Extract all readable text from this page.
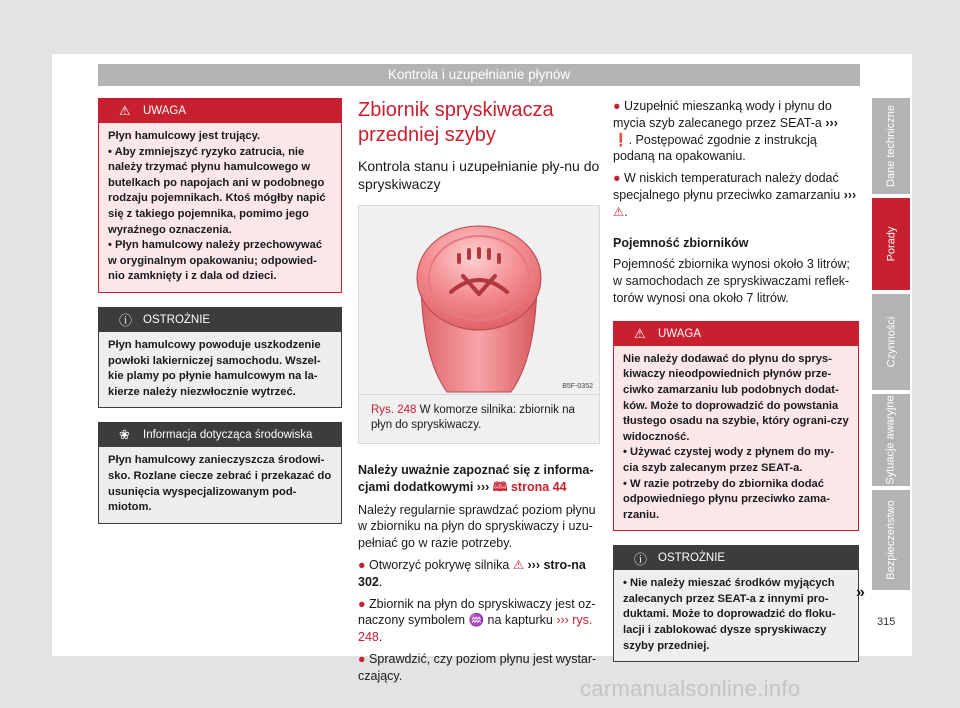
Kontrola i uzupełnianie płynów
⚠	UWAGA

Płyn hamulcowy jest trujący.

• Aby zmniejszyć ryzyko zatrucia, nie należy trzymać płynu hamulcowego w butelkach po napojach ani w podobnego rodzaju pojemnikach. Ktoś mógłby napić się z takiego pojemnika, pomimo jego wyraźnego oznaczenia.

• Płyn hamulcowy należy przechowywać w oryginalnym opakowaniu; odpowied-nio zamknięty i z dala od dzieci.

ⓘ OSTROŻNIE
Płyn hamulcowy powoduje uszkodzenie powłoki lakierniczej samochodu. Wszel-kie plamy po płynie hamulcowym na la-kierze należy niezwłocznie wytrzeć.
❀	Informacja dotycząca środowiska
Płyn hamulcowy zanieczyszcza środowi-sko. Rozlane ciecze zebrać i przekazać do usunięcia wyspecjalizowanym pod-miotom.
Zbiornik spryskiwacza przedniej szyby
Kontrola stanu i uzupełnianie pły-nu do spryskiwaczy
B5F-0352
Rys. 248 W komorze silnika: zbiornik na płyn do spryskiwaczy.

Należy uważnie zapoznać się z informa-cjami dodatkowymi ››› 🕮 strona 44

Należy regularnie sprawdzać poziom płynu w zbiorniku na płyn do spryskiwaczy i uzu-pełniać go w razie potrzeby.

● Otworzyć pokrywę silnika ⚠ ››› stro-na 302.

● Zbiornik na płyn do spryskiwaczy jest oz-naczony symbolem ♒ na kapturku ››› rys. 248.

● Sprawdzić, czy poziom płynu jest wystar-czający.

● Uzupełnić mieszanką wody i płynu do mycia szyb zalecanego przez SEAT-a ››› ❗. Postępować zgodnie z instrukcją podaną na opakowaniu.

● W niskich temperaturach należy dodać specjalnego płynu przeciwko zamarzaniu ››› ⚠.

Pojemność zbiorników

Pojemność zbiornika wynosi około 3 litrów; w samochodach ze spryskiwaczami reflek-torów wynosi ona około 7 litrów.

⚠	UWAGA

Nie należy dodawać do płynu do sprys-kiwaczy nieodpowiednich płynów prze-ciwko zamarzaniu lub podobnych dodat-ków. Może to doprowadzić do powstania tłustego osadu na szybie, który ograni-czy widoczność.

• Używać czystej wody z płynem do my-cia szyb zalecanym przez SEAT-a.

• W razie potrzeby do zbiornika dodać odpowiedniego płynu przeciwko zama-rzaniu.

ⓘ OSTROŻNIE
• Nie należy mieszać środków myjących zalecanych przez SEAT-a z innymi pro-duktami. Może to doprowadzić do floku-lacji i zablokować dysze spryskiwaczy szyby przedniej.
»
Dane techniczne
Porady
Czynności
Sytuacje awaryjne
Bezpieczeństwo
315
carmanualsonline.info
